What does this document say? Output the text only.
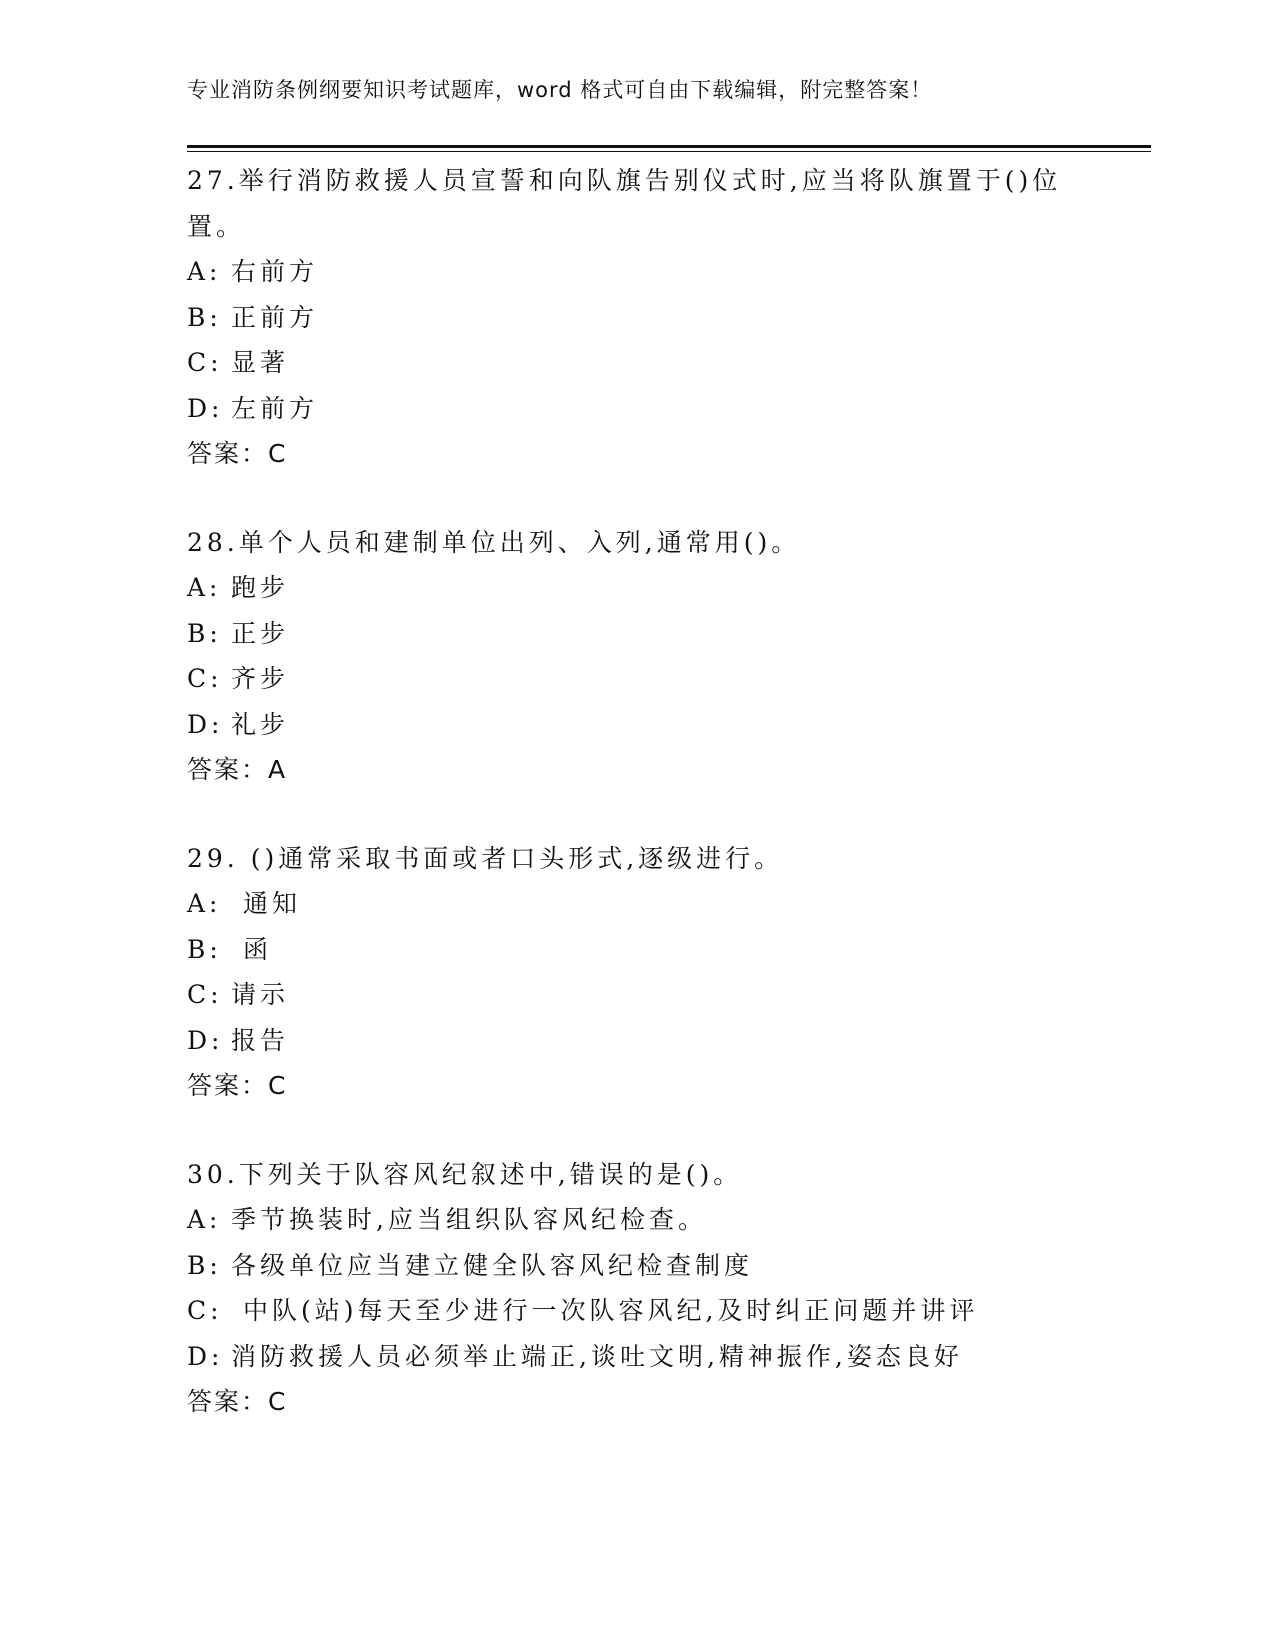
专业消防条例纲要知识考试题库，word 格式可自由下载编辑，附完整答案！
27.举行消防救援人员宣誓和向队旗告别仪式时,应当将队旗置于()位置。
A: 右前方
B: 正前方
C: 显著
D: 左前方
答案：C
28.单个人员和建制单位出列、入列,通常用()。
A: 跑步
B: 正步
C: 齐步
D: 礼步
答案：A
29. ()通常采取书面或者口头形式,逐级进行。
A: 通知
B: 函
C: 请示
D: 报告
答案：C
30.下列关于队容风纪叙述中,错误的是()。
A: 季节换装时,应当组织队容风纪检查。
B: 各级单位应当建立健全队容风纪检查制度
C: 中队(站)每天至少进行一次队容风纪,及时纠正问题并讲评
D: 消防救援人员必须举止端正,谈吐文明,精神振作,姿态良好
答案：C
